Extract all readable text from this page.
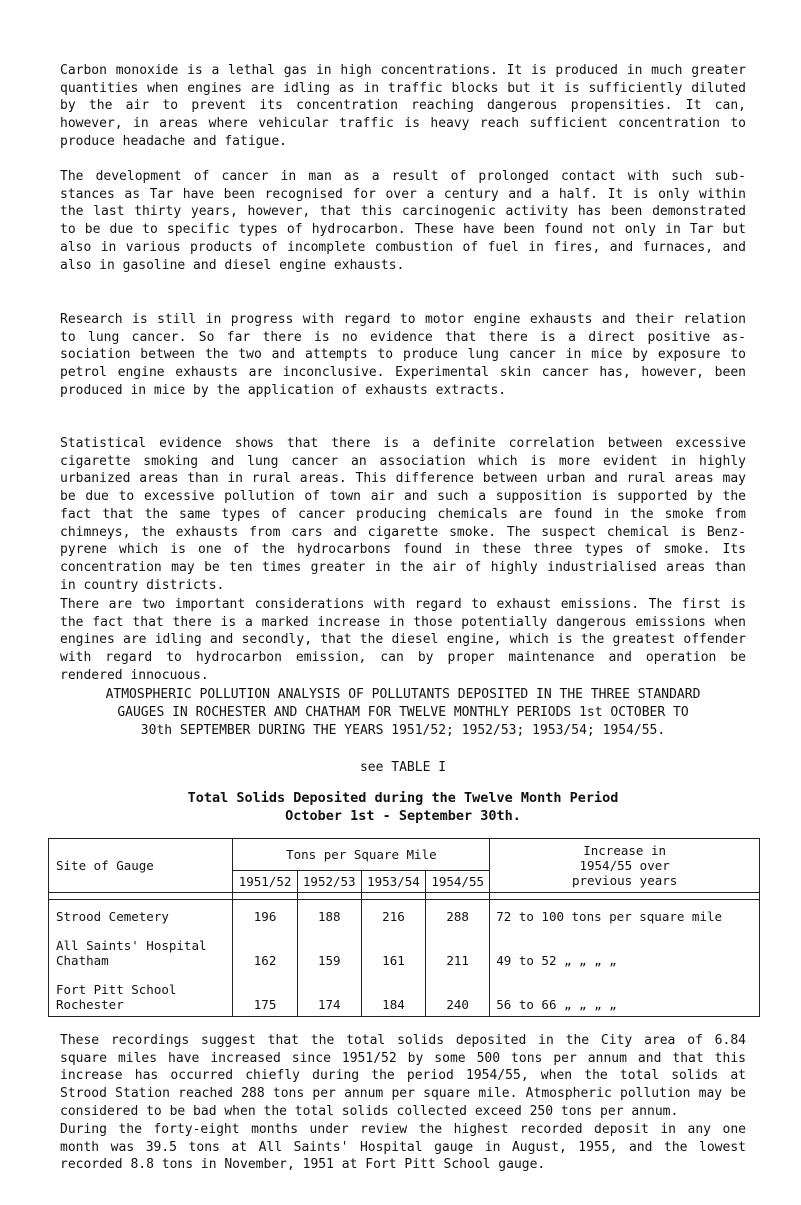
Carbon monoxide is a lethal gas in high concentrations. It is produced in much greater quantities when engines are idling as in traffic blocks but it is sufficiently diluted by the air to prevent its concentration reaching dangerous propensities. It can, however, in areas where vehicular traffic is heavy reach sufficient concentration to produce headache and fatigue.

The development of cancer in man as a result of prolonged contact with such sub- stances as Tar have been recognised for over a century and a half. It is only within the last thirty years, however, that this carcinogenic activity has been demonstrated to be due to specific types of hydrocarbon. These have been found not only in Tar but also in various products of incomplete combustion of fuel in fires, and furnaces, and also in gasoline and diesel engine exhausts.

Research is still in progress with regard to motor engine exhausts and their relation to lung cancer. So far there is no evidence that there is a direct positive as- sociation between the two and attempts to produce lung cancer in mice by exposure to petrol engine exhausts are inconclusive. Experimental skin cancer has, however, been produced in mice by the application of exhausts extracts.

Statistical evidence shows that there is a definite correlation between excessive cigarette smoking and lung cancer an association which is more evident in highly urbanized areas than in rural areas. This difference between urban and rural areas may be due to excessive pollution of town air and such a supposition is supported by the fact that the same types of cancer producing chemicals are found in the smoke from chimneys, the exhausts from cars and cigarette smoke. The suspect chemical is Benz- pyrene which is one of the hydrocarbons found in these three types of smoke. Its concentration may be ten times greater in the air of highly industrialised areas than in country districts.

There are two important considerations with regard to exhaust emissions. The first is the fact that there is a marked increase in those potentially dangerous emissions when engines are idling and secondly, that the diesel engine, which is the greatest offender with regard to hydrocarbon emission, can by proper maintenance and operation be rendered innocuous.

ATMOSPHERIC POLLUTION ANALYSIS OF POLLUTANTS DEPOSITED IN THE THREE STANDARD
GAUGES IN ROCHESTER AND CHATHAM FOR TWELVE MONTHLY PERIODS 1st OCTOBER TO
30th SEPTEMBER DURING THE YEARS 1951/52; 1952/53; 1953/54; 1954/55.
see TABLE I
Total Solids Deposited during the Twelve Month Period
October 1st - September 30th.
Site of Gauge	Tons per Square Mile				Increase in
1954/55 over
previous years

	1951/52	1952/53	1953/54	1954/55	

Strood Cemetery	196	188	216	288	72 to 100 tons per square mile

All Saints' Hospital
Chatham	162	159	161	211	49 to 52 „ „ „ „

Fort Pitt School
Rochester	175	174	184	240	56 to 66 „ „ „ „

These recordings suggest that the total solids deposited in the City area of 6.84 square miles have increased since 1951/52 by some 500 tons per annum and that this increase has occurred chiefly during the period 1954/55, when the total solids at Strood Station reached 288 tons per annum per square mile. Atmospheric pollution may be considered to be bad when the total solids collected exceed 250 tons per annum.

During the forty-eight months under review the highest recorded deposit in any one month was 39.5 tons at All Saints' Hospital gauge in August, 1955, and the lowest recorded 8.8 tons in November, 1951 at Fort Pitt School gauge.
